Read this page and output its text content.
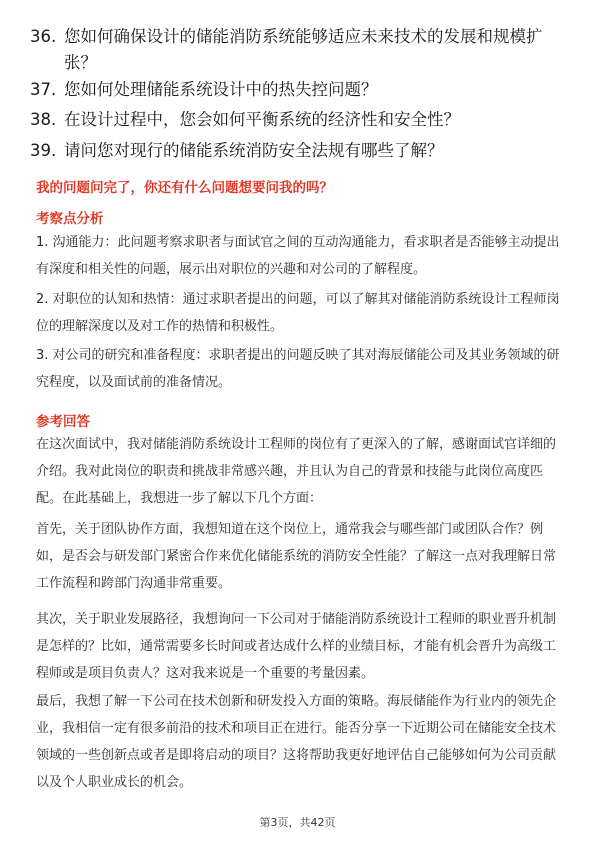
36. 您如何确保设计的储能消防系统能够适应未来技术的发展和规模扩张？
37. 您如何处理储能系统设计中的热失控问题？
38. 在设计过程中，您会如何平衡系统的经济性和安全性？
39. 请问您对现行的储能系统消防安全法规有哪些了解？
我的问题问完了，你还有什么问题想要问我的吗？
考察点分析
1. 沟通能力：此问题考察求职者与面试官之间的互动沟通能力，看求职者是否能够主动提出有深度和相关性的问题，展示出对职位的兴趣和对公司的了解程度。
2. 对职位的认知和热情：通过求职者提出的问题，可以了解其对储能消防系统设计工程师岗位的理解深度以及对工作的热情和积极性。
3. 对公司的研究和准备程度：求职者提出的问题反映了其对海辰储能公司及其业务领域的研究程度，以及面试前的准备情况。
参考回答
在这次面试中，我对储能消防系统设计工程师的岗位有了更深入的了解，感谢面试官详细的介绍。我对此岗位的职责和挑战非常感兴趣，并且认为自己的背景和技能与此岗位高度匹配。在此基础上，我想进一步了解以下几个方面：
首先，关于团队协作方面，我想知道在这个岗位上，通常我会与哪些部门或团队合作？例如，是否会与研发部门紧密合作来优化储能系统的消防安全性能？了解这一点对我理解日常工作流程和跨部门沟通非常重要。
其次，关于职业发展路径，我想询问一下公司对于储能消防系统设计工程师的职业晋升机制是怎样的？比如，通常需要多长时间或者达成什么样的业绩目标，才能有机会晋升为高级工程师或是项目负责人？这对我来说是一个重要的考量因素。
最后，我想了解一下公司在技术创新和研发投入方面的策略。海辰储能作为行业内的领先企业，我相信一定有很多前沿的技术和项目正在进行。能否分享一下近期公司在储能安全技术领域的一些创新点或者是即将启动的项目？这将帮助我更好地评估自己能够如何为公司贡献以及个人职业成长的机会。
第3页，共42页
